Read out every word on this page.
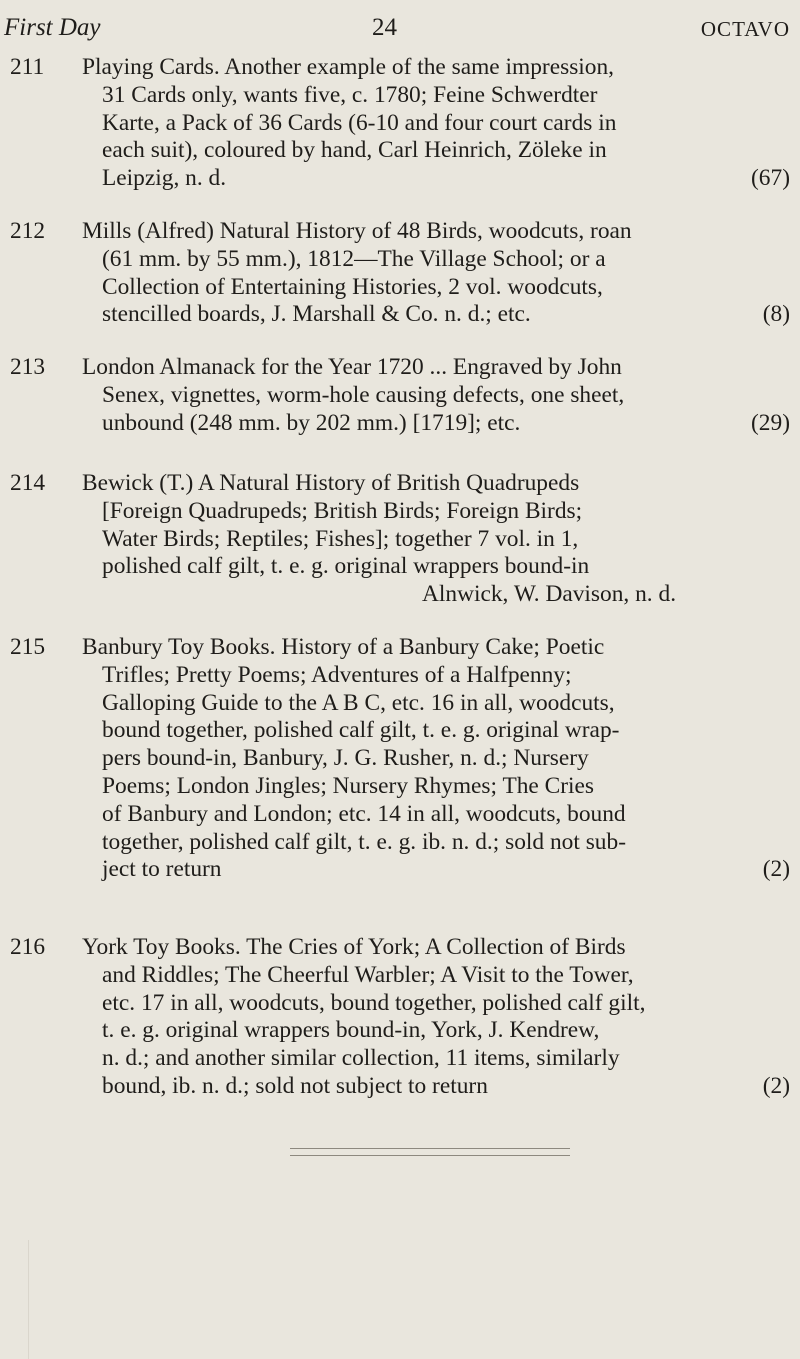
First Day	24	OCTAVO
211	Playing Cards. Another example of the same impression,
31 Cards only, wants five, c. 1780; Feine Schwerdter
Karte, a Pack of 36 Cards (6-10 and four court cards in
each suit), coloured by hand, Carl Heinrich, Zöleke in
Leipzig, n. d.	(67)
212	Mills (Alfred) Natural History of 48 Birds, woodcuts, roan
(61 mm. by 55 mm.), 1812—The Village School; or a
Collection of Entertaining Histories, 2 vol. woodcuts,
stencilled boards, J. Marshall & Co. n. d.; etc.	(8)
213	London Almanack for the Year 1720 ... Engraved by John
Senex, vignettes, worm-hole causing defects, one sheet,
unbound (248 mm. by 202 mm.) [1719]; etc.	(29)
214	Bewick (T.) A Natural History of British Quadrupeds
[Foreign Quadrupeds; British Birds; Foreign Birds;
Water Birds; Reptiles; Fishes]; together 7 vol. in 1,
polished calf gilt, t. e. g. original wrappers bound-in
Alnwick, W. Davison, n. d.
215	Banbury Toy Books. History of a Banbury Cake; Poetic
Trifles; Pretty Poems; Adventures of a Halfpenny;
Galloping Guide to the A B C, etc. 16 in all, woodcuts,
bound together, polished calf gilt, t. e. g. original wrap-
pers bound-in, Banbury, J. G. Rusher, n. d.; Nursery
Poems; London Jingles; Nursery Rhymes; The Cries
of Banbury and London; etc. 14 in all, woodcuts, bound
together, polished calf gilt, t. e. g. ib. n. d.; sold not sub-
ject to return	(2)
216	York Toy Books. The Cries of York; A Collection of Birds
and Riddles; The Cheerful Warbler; A Visit to the Tower,
etc. 17 in all, woodcuts, bound together, polished calf gilt,
t. e. g. original wrappers bound-in, York, J. Kendrew,
n. d.; and another similar collection, 11 items, similarly
bound, ib. n. d.; sold not subject to return	(2)
